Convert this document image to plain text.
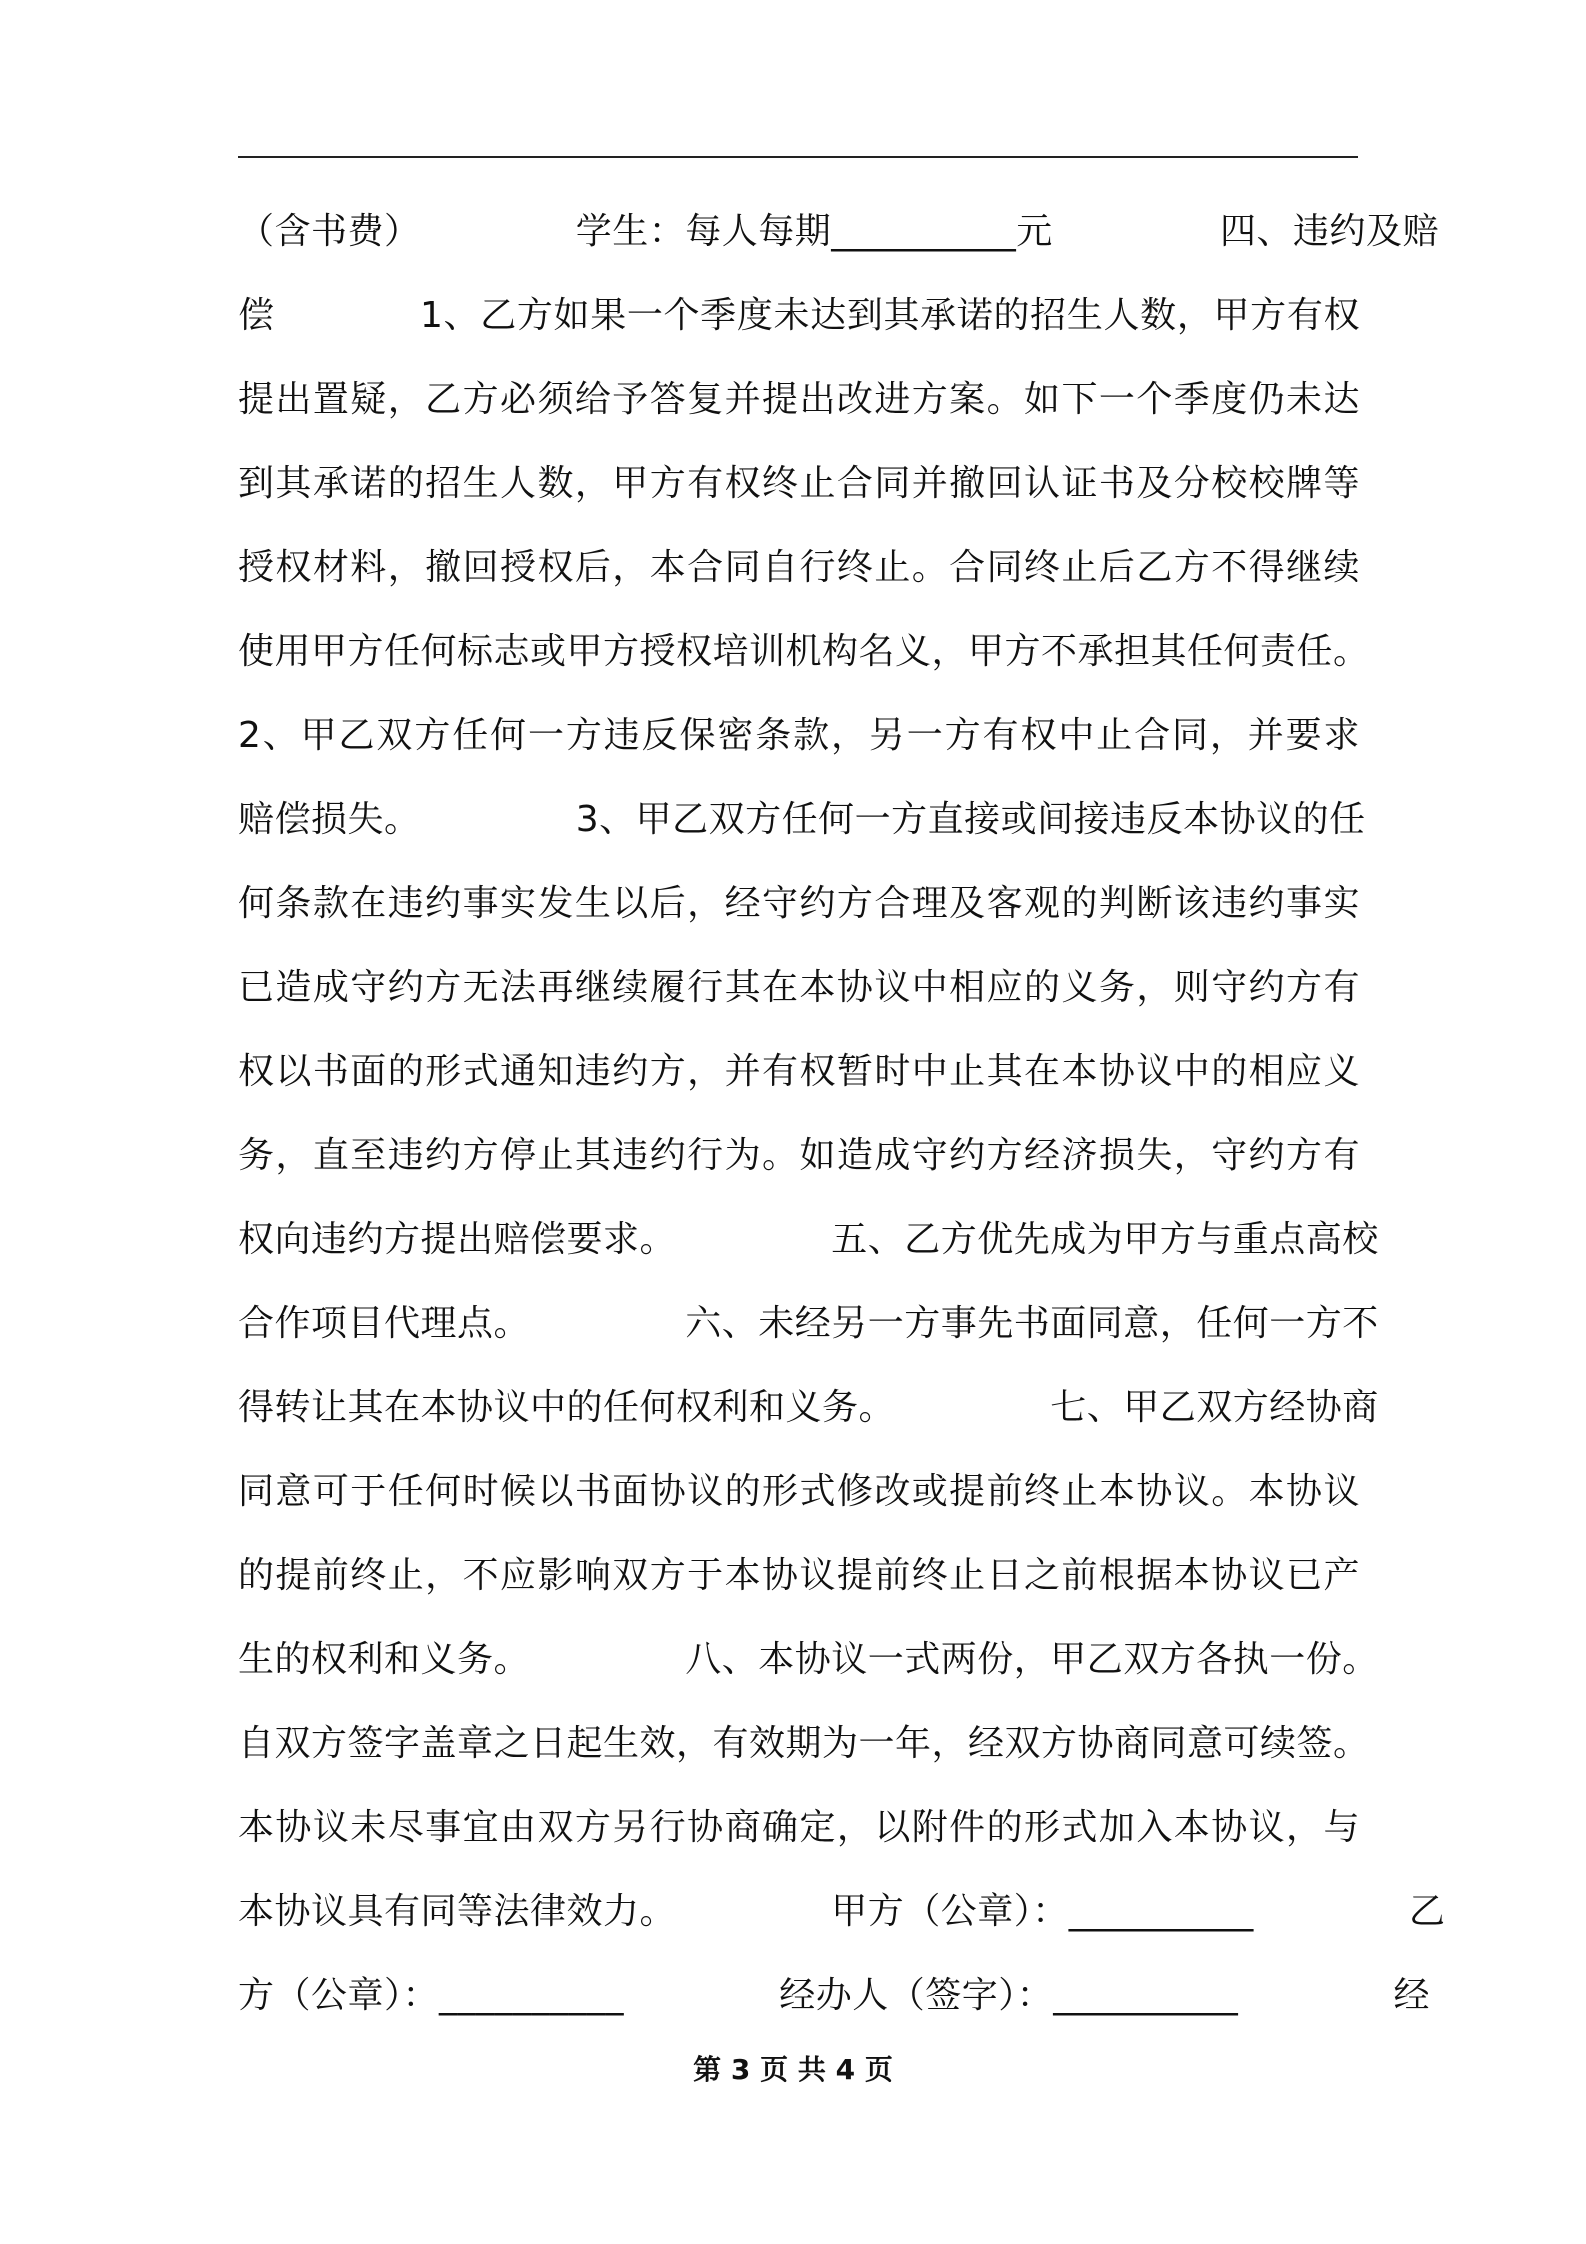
（含书费）             学生：每人每期__________元              四、违约及赔
偿            1、乙方如果一个季度未达到其承诺的招生人数，甲方有权
提出置疑，乙方必须给予答复并提出改进方案。如下一个季度仍未达
到其承诺的招生人数，甲方有权终止合同并撤回认证书及分校校牌等
授权材料，撤回授权后，本合同自行终止。合同终止后乙方不得继续
使用甲方任何标志或甲方授权培训机构名义，甲方不承担其任何责任。
2、甲乙双方任何一方违反保密条款，另一方有权中止合同，并要求
赔偿损失。             3、甲乙双方任何一方直接或间接违反本协议的任
何条款在违约事实发生以后，经守约方合理及客观的判断该违约事实
已造成守约方无法再继续履行其在本协议中相应的义务，则守约方有
权以书面的形式通知违约方，并有权暂时中止其在本协议中的相应义
务，直至违约方停止其违约行为。如造成守约方经济损失，守约方有
权向违约方提出赔偿要求。             五、乙方优先成为甲方与重点高校
合作项目代理点。             六、未经另一方事先书面同意，任何一方不
得转让其在本协议中的任何权利和义务。             七、甲乙双方经协商
同意可于任何时候以书面协议的形式修改或提前终止本协议。本协议
的提前终止，不应影响双方于本协议提前终止日之前根据本协议已产
生的权利和义务。             八、本协议一式两份，甲乙双方各执一份。
自双方签字盖章之日起生效，有效期为一年，经双方协商同意可续签。
本协议未尽事宜由双方另行协商确定，以附件的形式加入本协议，与
本协议具有同等法律效力。             甲方（公章）：__________             乙
方（公章）：__________             经办人（签字）：__________             经
第 3 页 共 4 页
